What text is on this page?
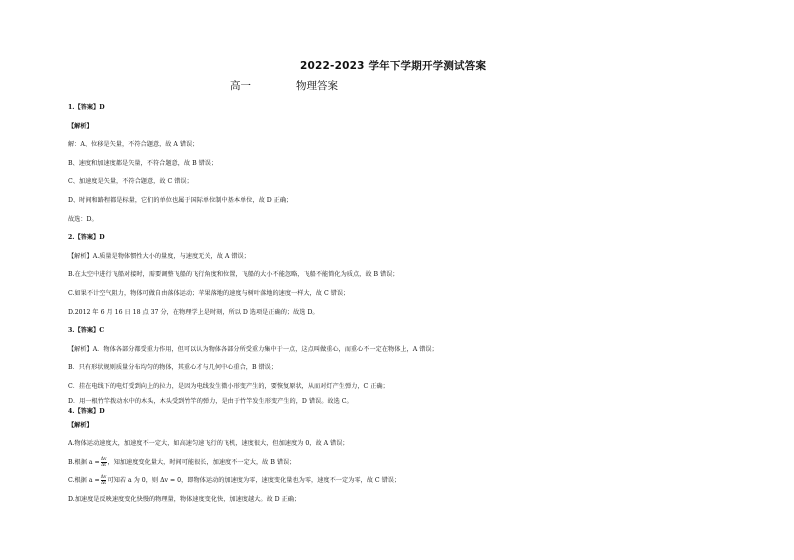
2022-2023 学年下学期开学测试答案
高一	物理答案
1.【答案】D
【解析】
解：A、位移是矢量，不符合题意，故 A 错误；
B、速度和加速度都是矢量，不符合题意，故 B 错误；
C、加速度是矢量，不符合题意，故 C 错误；
D、时间和路程都是标量，它们的单位也属于国际单位制中基本单位，故 D 正确；
故选：D。
2.【答案】D
【解析】A.质量是物体惯性大小的量度，与速度无关，故 A 错误；
B.在太空中进行飞船对接时，需要调整飞船的飞行角度和位置，飞船的大小不能忽略，飞船不能简化为质点，故 B 错误；
C.如果不计空气阻力，物体可做自由落体运动；苹果落地的速度与树叶落地的速度一样大，故 C 错误；
D.2012 年 6 月 16 日 18 点 37 分，在物理学上是时刻，所以 D 选项是正确的；故选 D。
3.【答案】C
【解析】A．物体各部分都受重力作用，但可以认为物体各部分所受重力集中于一点，这点叫做重心，而重心不一定在物体上，A 错误；
B．只有形状规则质量分布均匀的物体，其重心才与几何中心重合，B 错误；
C．挂在电线下的电灯受到向上的拉力，是因为电线发生微小形变产生的，要恢复原状，从而对灯产生弹力，C 正确；
D．用一根竹竿拨动水中的木头，木头受到竹竿的弹力，是由于竹竿发生形变产生的，D 错误。故选 C。
4.【答案】D
【解析】
A.物体运动速度大，加速度不一定大，如高速匀速飞行的飞机，速度很大，但加速度为 0，故 A 错误；
B.根据 $a = \frac{\Delta v}{\Delta t}$ ，知加速度变化量大，时间可能很长，加速度不一定大，故 B 错误；
C.根据 $a = \frac{\Delta v}{\Delta t}$ 可知若 a 为 0，则 Δv = 0，即物体运动的加速度为零，速度变化量也为零，速度不一定为零，故 C 错误；
D.加速度是反映速度变化快慢的物理量，物体速度变化快，加速度越大。故 D 正确；
